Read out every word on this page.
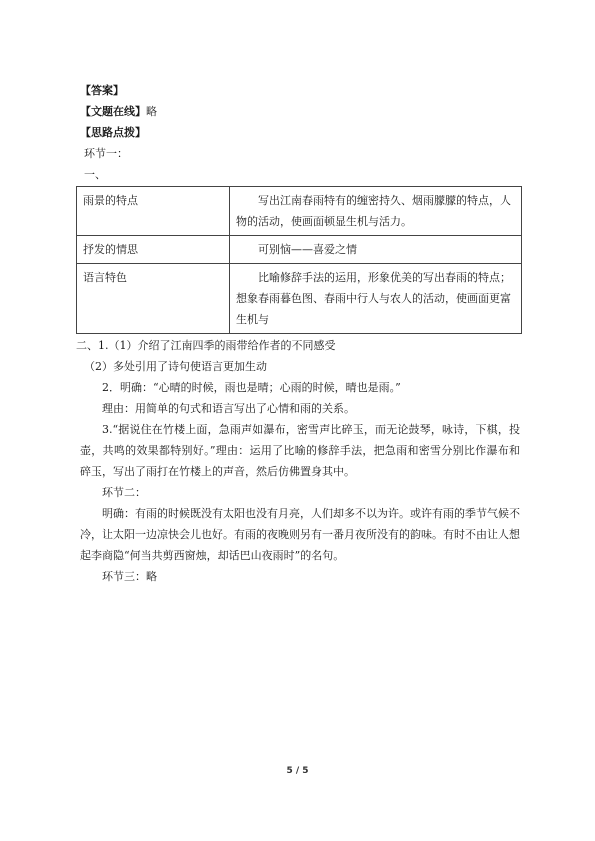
【答案】
【文题在线】略
【思路点拨】
环节一：
一、
雨景的特点	写出江南春雨特有的缠密持久、烟雨朦朦的特点，人物的活动，使画面顿显生机与活力。
抒发的情思	可别恼——喜爱之情
语言特色	比喻修辞手法的运用，形象优美的写出春雨的特点；想象春雨暮色图、春雨中行人与农人的活动，使画面更富生机与
二、1.（1）介绍了江南四季的雨带给作者的不同感受
（2）多处引用了诗句使语言更加生动
2．明确：“心晴的时候，雨也是晴；心雨的时候，晴也是雨。”
理由：用简单的句式和语言写出了心情和雨的关系。
3.“据说住在竹楼上面，急雨声如瀑布，密雪声比碎玉，而无论鼓琴，咏诗，下棋，投壶，共鸣的效果都特别好。”理由：运用了比喻的修辞手法，把急雨和密雪分别比作瀑布和碎玉，写出了雨打在竹楼上的声音，然后仿佛置身其中。
环节二：
明确：有雨的时候既没有太阳也没有月亮，人们却多不以为许。或许有雨的季节气候不冷，让太阳一边凉快会儿也好。有雨的夜晚则另有一番月夜所没有的韵味。有时不由让人想起李商隐“何当共剪西窗烛，却话巴山夜雨时”的名句。
环节三：略
5 / 5
